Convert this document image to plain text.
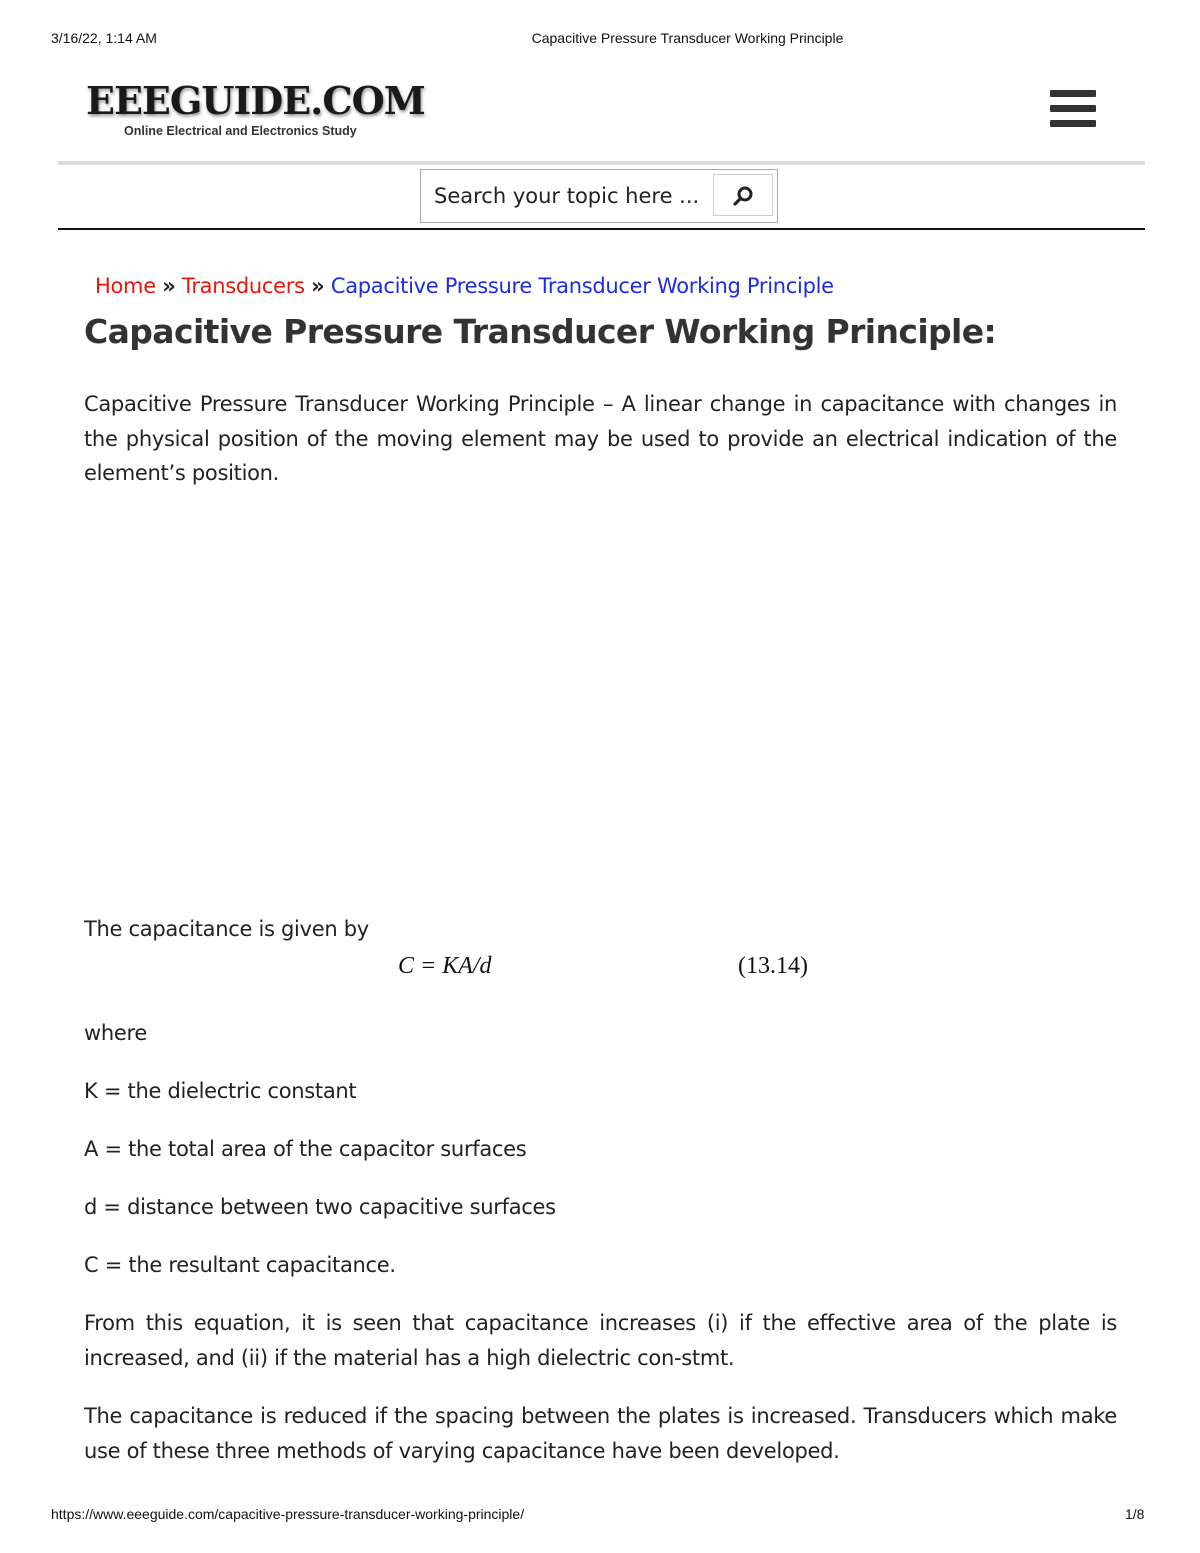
3/16/22, 1:14 AM	Capacitive Pressure Transducer Working Principle
EEEGUIDE.COM
Online Electrical and Electronics Study
Search your topic here ...
Home » Transducers » Capacitive Pressure Transducer Working Principle
Capacitive Pressure Transducer Working Principle:

Capacitive Pressure Transducer Working Principle – A linear change in capacitance with changes in the physical position of the moving element may be used to provide an electrical indication of the element’s position.

The capacitance is given by

C = KA/d	(13.14)

where

K = the dielectric constant

A = the total area of the capacitor surfaces

d = distance between two capacitive surfaces

C = the resultant capacitance.

From this equation, it is seen that capacitance increases (i) if the effective area of the plate is increased, and (ii) if the material has a high dielectric con-stmt.

The capacitance is reduced if the spacing between the plates is increased. Transducers which make use of these three methods of varying capacitance have been developed.

https://www.eeeguide.com/capacitive-pressure-transducer-working-principle/	1/8
